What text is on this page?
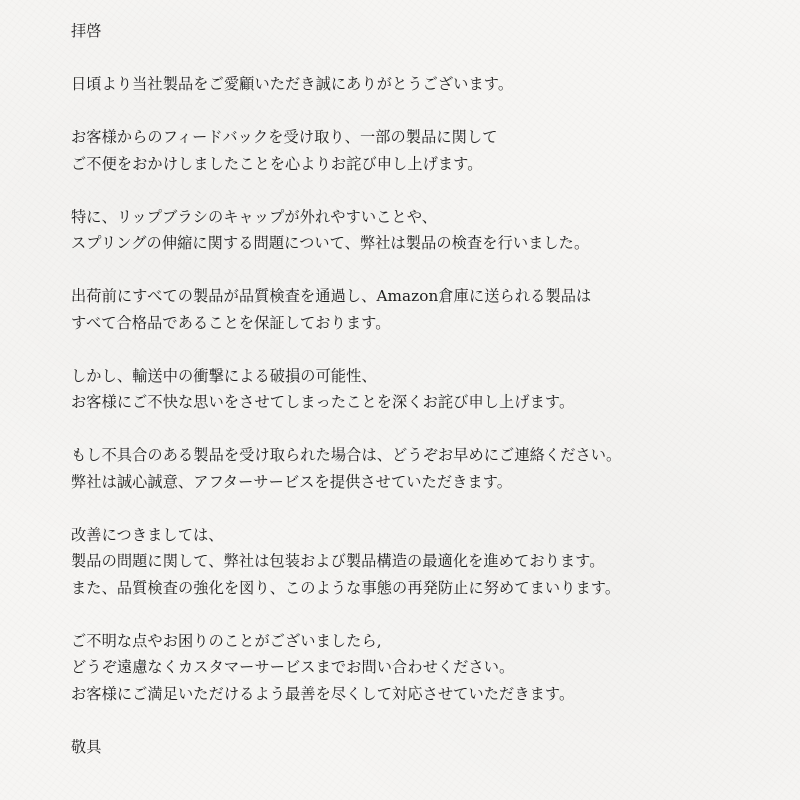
拝啓
日頃より当社製品をご愛顧いただき誠にありがとうございます。
お客様からのフィードバックを受け取り、一部の製品に関して
ご不便をおかけしましたことを心よりお詫び申し上げます。
特に、リップブラシのキャップが外れやすいことや、
スプリングの伸縮に関する問題について、弊社は製品の検査を行いました。
出荷前にすべての製品が品質検査を通過し、Amazon倉庫に送られる製品は
すべて合格品であることを保証しております。
しかし、輸送中の衝撃による破損の可能性、
お客様にご不快な思いをさせてしまったことを深くお詫び申し上げます。
もし不具合のある製品を受け取られた場合は、どうぞお早めにご連絡ください。
弊社は誠心誠意、アフターサービスを提供させていただきます。
改善につきましては、
製品の問題に関して、弊社は包装および製品構造の最適化を進めております。
また、品質検査の強化を図り、このような事態の再発防止に努めてまいります。
ご不明な点やお困りのことがございましたら,
どうぞ遠慮なくカスタマーサービスまでお問い合わせください。
お客様にご満足いただけるよう最善を尽くして対応させていただきます。
敬具
